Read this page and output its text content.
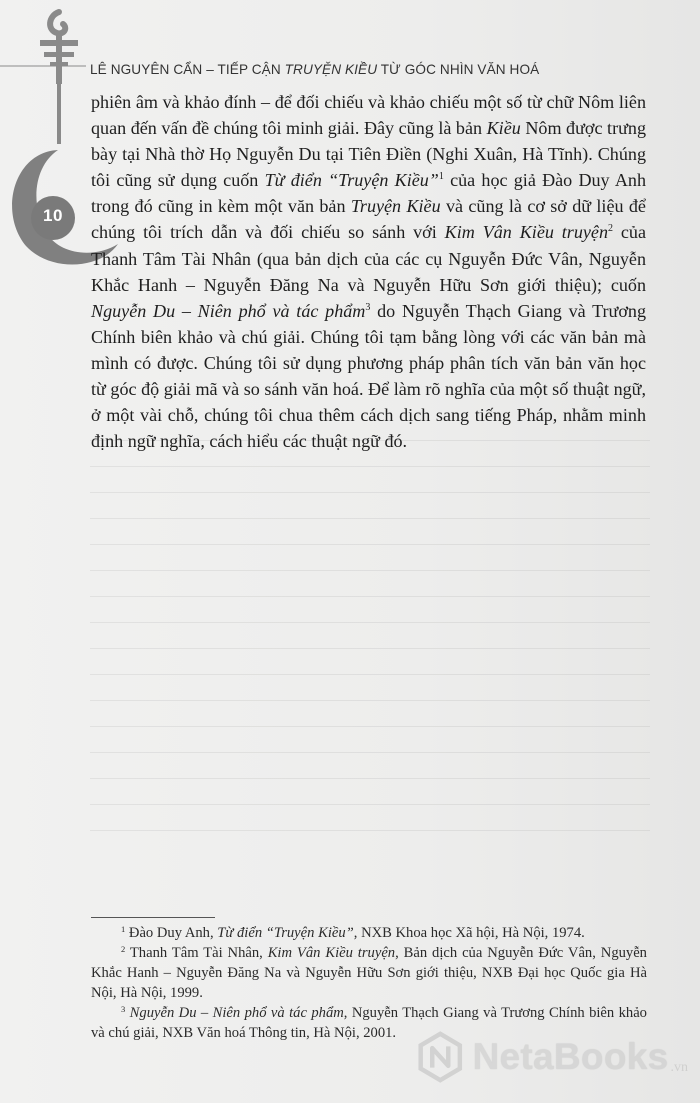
10
LÊ NGUYÊN CẨN – TIẾP CẬN TRUYỆN KIỀU TỪ GÓC NHÌN VĂN HOÁ

phiên âm và khảo đính – để đối chiếu và khảo chiếu một số từ chữ Nôm liên quan đến vấn đề chúng tôi minh giải. Đây cũng là bản Kiều Nôm được trưng bày tại Nhà thờ Họ Nguyễn Du tại Tiên Điền (Nghi Xuân, Hà Tĩnh). Chúng tôi cũng sử dụng cuốn Từ điển “Truyện Kiều”$^1$ của học giả Đào Duy Anh trong đó cũng in kèm một văn bản Truyện Kiều và cũng là cơ sở dữ liệu để chúng tôi trích dẫn và đối chiếu so sánh với Kim Vân Kiều truyện$^2$ của Thanh Tâm Tài Nhân (qua bản dịch của các cụ Nguyễn Đức Vân, Nguyễn Khắc Hanh – Nguyễn Đăng Na và Nguyễn Hữu Sơn giới thiệu); cuốn Nguyễn Du – Niên phổ và tác phẩm$^3$ do Nguyễn Thạch Giang và Trương Chính biên khảo và chú giải. Chúng tôi tạm bằng lòng với các văn bản mà mình có được. Chúng tôi sử dụng phương pháp phân tích văn bản văn học từ góc độ giải mã và so sánh văn hoá. Để làm rõ nghĩa của một số thuật ngữ, ở một vài chỗ, chúng tôi chua thêm cách dịch sang tiếng Pháp, nhằm minh định ngữ nghĩa, cách hiểu các thuật ngữ đó.

$^1$ Đào Duy Anh, Từ điển “Truyện Kiều”, NXB Khoa học Xã hội, Hà Nội, 1974.

$^2$ Thanh Tâm Tài Nhân, Kim Vân Kiều truyện, Bản dịch của Nguyễn Đức Vân, Nguyễn Khắc Hanh – Nguyễn Đăng Na và Nguyễn Hữu Sơn giới thiệu, NXB Đại học Quốc gia Hà Nội, Hà Nội, 1999.

$^3$ Nguyễn Du – Niên phổ và tác phẩm, Nguyễn Thạch Giang và Trương Chính biên khảo và chú giải, NXB Văn hoá Thông tin, Hà Nội, 2001.

NetaBooks .vn
